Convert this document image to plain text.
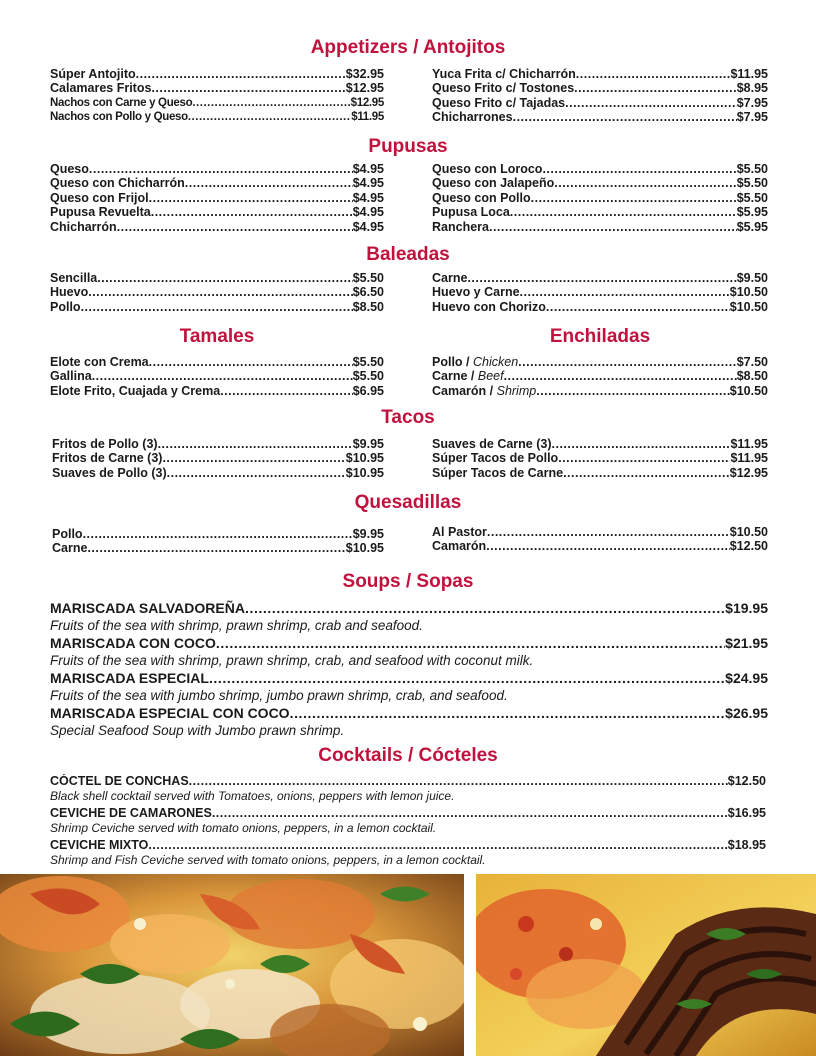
Appetizers / Antojitos
Súper Antojito .....	$32.95
Calamares Fritos .....	$12.95
Nachos con Carne y Queso .....	$12.95
Nachos con Pollo y Queso .....	$11.95
Yuca Frita c/ Chicharrón .....	$11.95
Queso Frito c/ Tostones .....	$8.95
Queso Frito c/ Tajadas .....	$7.95
Chicharrones .....	$7.95
Pupusas
Queso .....	$4.95
Queso con Chicharrón .....	$4.95
Queso con Frijol .....	$4.95
Pupusa Revuelta .....	$4.95
Chicharrón .....	$4.95
Queso con Loroco .....	$5.50
Queso con Jalapeño .....	$5.50
Queso con Pollo .....	$5.50
Pupusa Loca .....	$5.95
Ranchera .....	$5.95
Baleadas
Sencilla .....	$5.50
Huevo .....	$6.50
Pollo .....	$8.50
Carne .....	$9.50
Huevo y Carne .....	$10.50
Huevo con Chorizo .....	$10.50
Tamales	Enchiladas
Elote con Crema .....	$5.50
Gallina .....	$5.50
Elote Frito, Cuajada y Crema .....	$6.95
Pollo / Chicken .....	$7.50
Carne / Beef .....	$8.50
Camarón / Shrimp .....	$10.50
Tacos
Fritos de Pollo (3) .....	$9.95
Fritos de Carne (3) .....	$10.95
Suaves de Pollo (3) .....	$10.95
Suaves de Carne (3) .....	$11.95
Súper Tacos de Pollo .....	$11.95
Súper Tacos de Carne .....	$12.95
Quesadillas
Pollo .....	$9.95
Carne .....	$10.95
Al Pastor .....	$10.50
Camarón .....	$12.50
Soups / Sopas
MARISCADA SALVADOREÑA .....	$19.95
Fruits of the sea with shrimp, prawn shrimp, crab and seafood.
MARISCADA CON COCO .....	$21.95
Fruits of the sea with shrimp, prawn shrimp, crab, and seafood with coconut milk.
MARISCADA ESPECIAL .....	$24.95
Fruits of the sea with jumbo shrimp, jumbo prawn shrimp, crab, and seafood.
MARISCADA ESPECIAL CON COCO .....	$26.95
Special Seafood Soup with Jumbo prawn shrimp.
Cocktails / Cócteles
CÓCTEL DE CONCHAS .....	$12.50
Black shell cocktail served with Tomatoes, onions, peppers with lemon juice.
CEVICHE DE CAMARONES .....	$16.95
Shrimp Ceviche served with tomato onions, peppers, in a lemon cocktail.
CEVICHE MIXTO .....	$18.95
Shrimp and Fish Ceviche served with tomato onions, peppers, in a lemon cocktail.
